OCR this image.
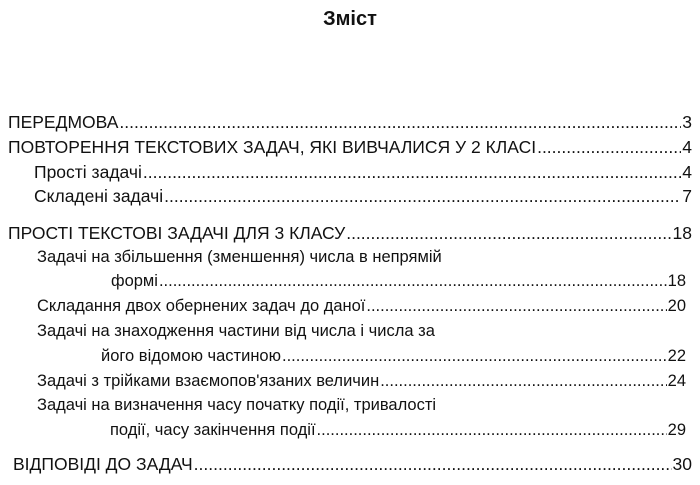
Зміст
ПЕРЕДМОВА .....	3
ПОВТОРЕННЯ ТЕКСТОВИХ ЗАДАЧ, ЯКІ ВИВЧАЛИСЯ У 2 КЛАСІ .....	4
Прості задачі .....	4
Складені задачі .....	7
ПРОСТІ ТЕКСТОВІ ЗАДАЧІ ДЛЯ 3 КЛАСУ .....	18
Задачі на збільшення (зменшення) числа в непрямій
формі .....	18
Складання двох обернених задач до даної .....	20
Задачі на знаходження частини від числа і числа за
його відомою частиною .....	22
Задачі з трійками взаємопов'язаних величин .....	24
Задачі на визначення часу початку події, тривалості
події, часу закінчення події .....	29
ВІДПОВІДІ ДО ЗАДАЧ .....	30
